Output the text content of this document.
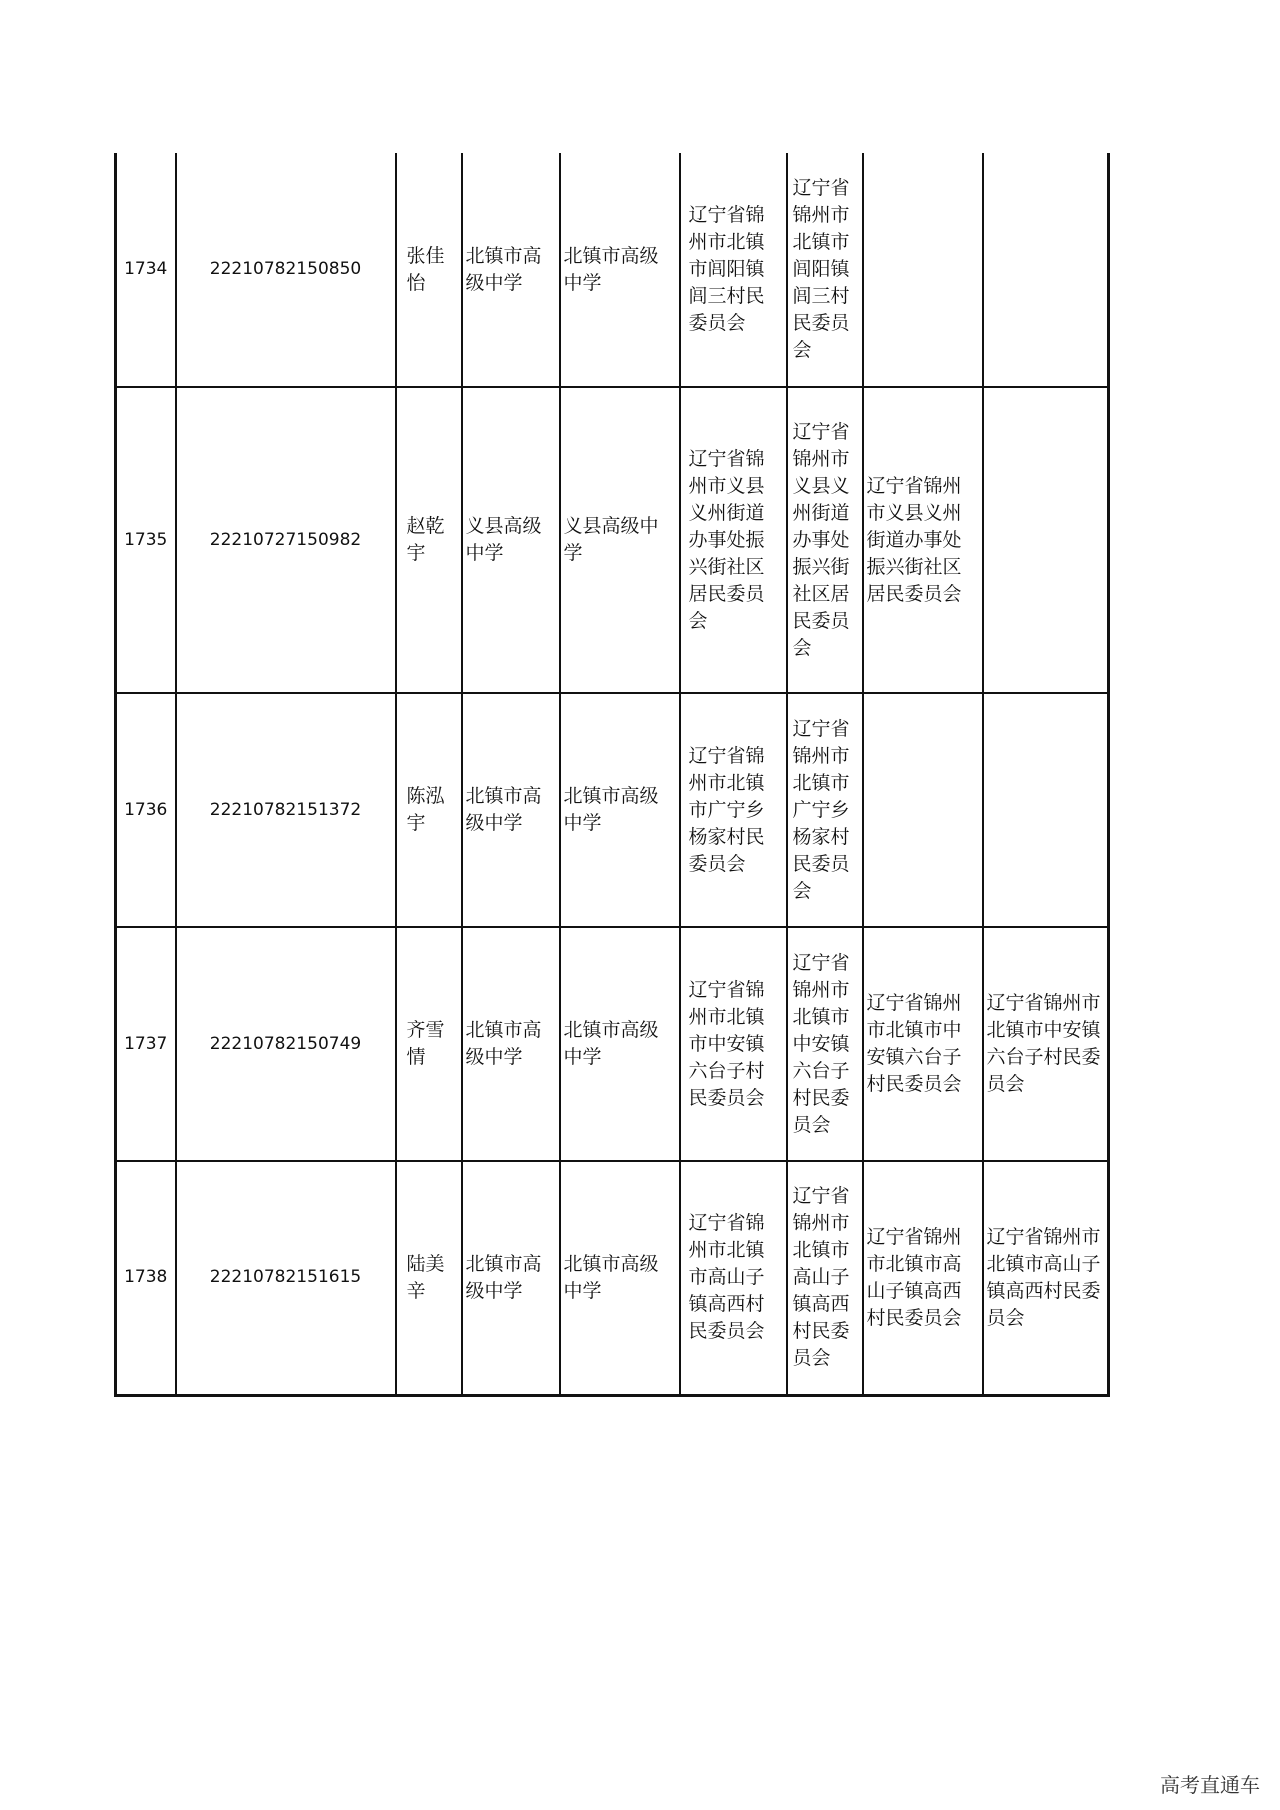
1734	22210782150850	张佳怡	北镇市高级中学	北镇市高级中学	辽宁省锦州市北镇市闾阳镇闾三村民委员会	辽宁省锦州市北镇市闾阳镇闾三村民委员会		
1735	22210727150982	赵乾宇	义县高级中学	义县高级中学	辽宁省锦州市义县义州街道办事处振兴街社区居民委员会	辽宁省锦州市义县义州街道办事处振兴街社区居民委员会	辽宁省锦州市义县义州街道办事处振兴街社区居民委员会	
1736	22210782151372	陈泓宇	北镇市高级中学	北镇市高级中学	辽宁省锦州市北镇市广宁乡杨家村民委员会	辽宁省锦州市北镇市广宁乡杨家村民委员会		
1737	22210782150749	齐雪情	北镇市高级中学	北镇市高级中学	辽宁省锦州市北镇市中安镇六台子村民委员会	辽宁省锦州市北镇市中安镇六台子村民委员会	辽宁省锦州市北镇市中安镇六台子村民委员会	辽宁省锦州市北镇市中安镇六台子村民委员会
1738	22210782151615	陆美辛	北镇市高级中学	北镇市高级中学	辽宁省锦州市北镇市高山子镇高西村民委员会	辽宁省锦州市北镇市高山子镇高西村民委员会	辽宁省锦州市北镇市高山子镇高西村民委员会	辽宁省锦州市北镇市高山子镇高西村民委员会
高考直通车
